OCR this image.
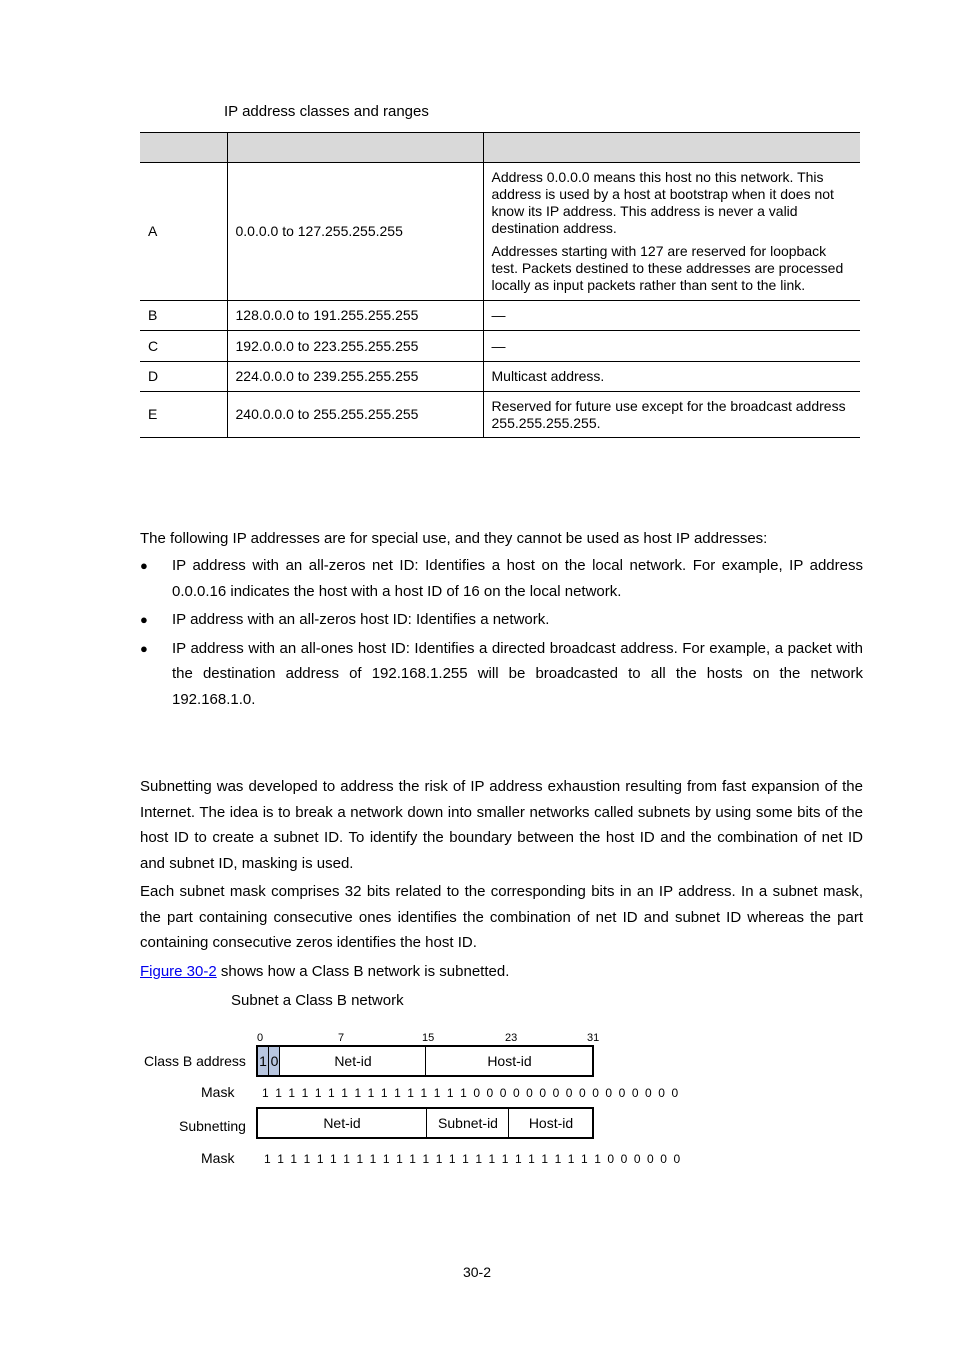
IP address classes and ranges

A	0.0.0.0 to 127.255.255.255	Address 0.0.0.0 means this host no this network. This address is used by a host at bootstrap when it does not know its IP address. This address is never a valid destination address.

Addresses starting with 127 are reserved for loopback test. Packets destined to these addresses are processed locally as input packets rather than sent to the link.

B	128.0.0.0 to 191.255.255.255	—
C	192.0.0.0 to 223.255.255.255	—
D	224.0.0.0 to 239.255.255.255	Multicast address.
E	240.0.0.0 to 255.255.255.255	Reserved for future use except for the broadcast address 255.255.255.255.
The following IP addresses are for special use, and they cannot be used as host IP addresses:
● IP address with an all-zeros net ID: Identifies a host on the local network. For example, IP address 0.0.0.16 indicates the host with a host ID of 16 on the local network.
● IP address with an all-zeros host ID: Identifies a network.
● IP address with an all-ones host ID: Identifies a directed broadcast address. For example, a packet with the destination address of 192.168.1.255 will be broadcasted to all the hosts on the network 192.168.1.0.
Subnetting was developed to address the risk of IP address exhaustion resulting from fast expansion of the Internet. The idea is to break a network down into smaller networks called subnets by using some bits of the host ID to create a subnet ID. To identify the boundary between the host ID and the combination of net ID and subnet ID, masking is used.
Each subnet mask comprises 32 bits related to the corresponding bits in an IP address. In a subnet mask, the part containing consecutive ones identifies the combination of net ID and subnet ID whereas the part containing consecutive zeros identifies the host ID.
Figure 30-2 shows how a Class B network is subnetted.
Subnet a Class B network
0	7	15	23	31
Class B address 1 0	Net-id	Host-id
Mask 1 1 1 1 1 1 1 1 1 1 1 1 1 1 1 1 0 0 0 0 0 0 0 0 0 0 0 0 0 0 0 0
Subnetting	Net-id	Subnet-id	Host-id
Mask 1 1 1 1 1 1 1 1 1 1 1 1 1 1 1 1 1 1 1 1 1 1 1 1 1 1 0 0 0 0 0 0
30-2
